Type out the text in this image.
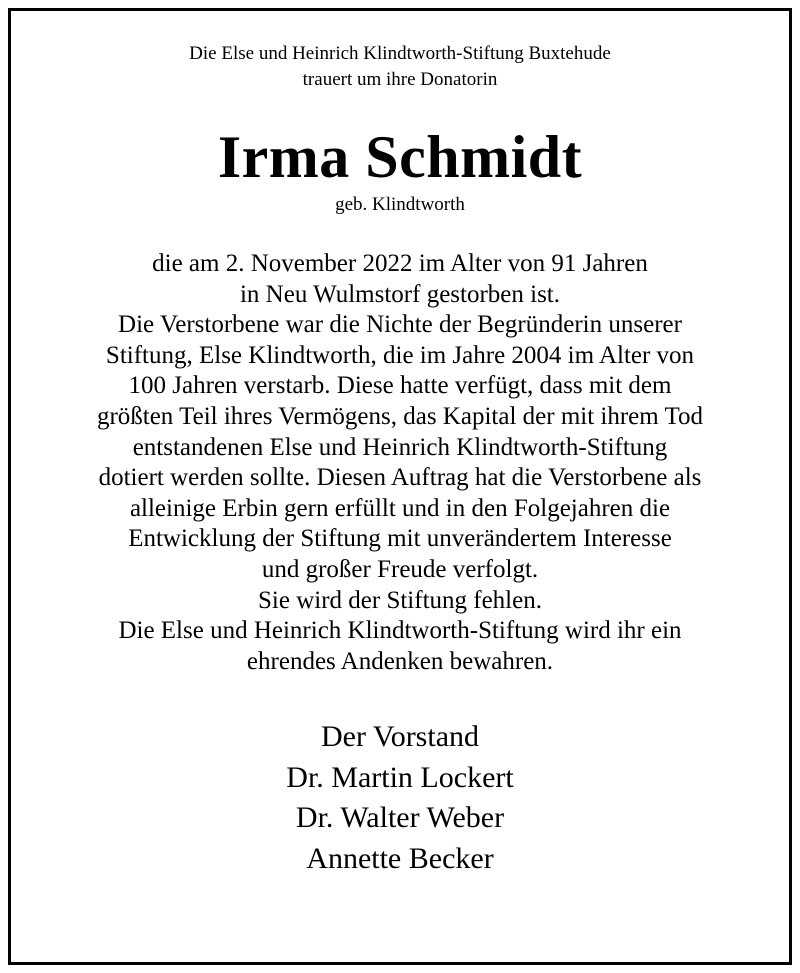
Die Else und Heinrich Klindtworth-Stiftung Buxtehude
trauert um ihre Donatorin
Irma Schmidt
geb. Klindtworth
die am 2. November 2022 im Alter von 91 Jahren
in Neu Wulmstorf gestorben ist.
Die Verstorbene war die Nichte der Begründerin unserer
Stiftung, Else Klindtworth, die im Jahre 2004 im Alter von
100 Jahren verstarb. Diese hatte verfügt, dass mit dem
größten Teil ihres Vermögens, das Kapital der mit ihrem Tod
entstandenen Else und Heinrich Klindtworth-Stiftung
dotiert werden sollte. Diesen Auftrag hat die Verstorbene als
alleinige Erbin gern erfüllt und in den Folgejahren die
Entwicklung der Stiftung mit unverändertem Interesse
und großer Freude verfolgt.
Sie wird der Stiftung fehlen.
Die Else und Heinrich Klindtworth-Stiftung wird ihr ein
ehrendes Andenken bewahren.
Der Vorstand
Dr. Martin Lockert
Dr. Walter Weber
Annette Becker
